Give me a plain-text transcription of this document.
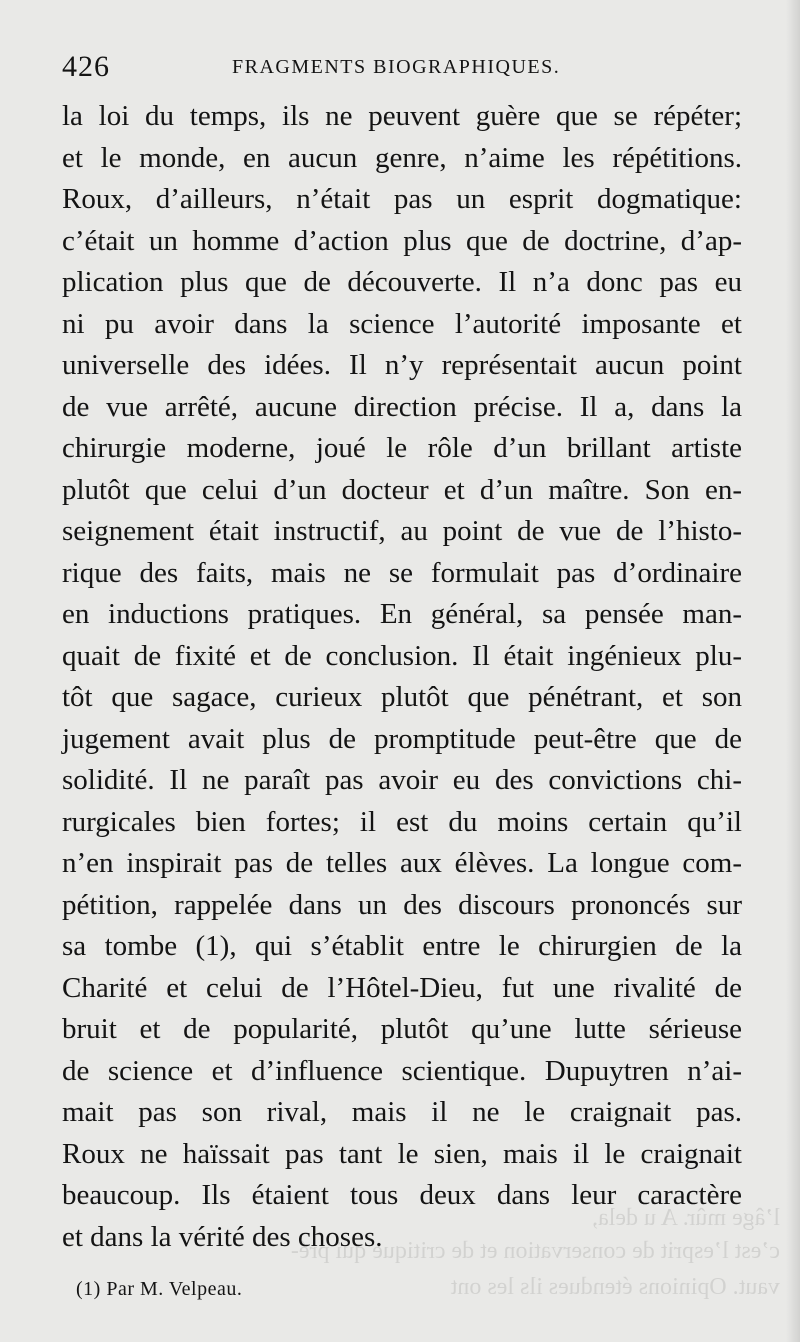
426	FRAGMENTS BIOGRAPHIQUES.
la loi du temps, ils ne peuvent guère que se répéter;
et le monde, en aucun genre, n’aime les répétitions.
Roux, d’ailleurs, n’était pas un esprit dogmatique:
c’était un homme d’action plus que de doctrine, d’ap-
plication plus que de découverte. Il n’a donc pas eu
ni pu avoir dans la science l’autorité imposante et
universelle des idées. Il n’y représentait aucun point
de vue arrêté, aucune direction précise. Il a, dans la
chirurgie moderne, joué le rôle d’un brillant artiste
plutôt que celui d’un docteur et d’un maître. Son en-
seignement était instructif, au point de vue de l’histo-
rique des faits, mais ne se formulait pas d’ordinaire
en inductions pratiques. En général, sa pensée man-
quait de fixité et de conclusion. Il était ingénieux plu-
tôt que sagace, curieux plutôt que pénétrant, et son
jugement avait plus de promptitude peut-être que de
solidité. Il ne paraît pas avoir eu des convictions chi-
rurgicales bien fortes; il est du moins certain qu’il
n’en inspirait pas de telles aux élèves. La longue com-
pétition, rappelée dans un des discours prononcés sur
sa tombe (1), qui s’établit entre le chirurgien de la
Charité et celui de l’Hôtel-Dieu, fut une rivalité de
bruit et de popularité, plutôt qu’une lutte sérieuse
de science et d’influence scientique. Dupuytren n’ai-
mait pas son rival, mais il ne le craignait pas.
Roux ne haïssait pas tant le sien, mais il le craignait
beaucoup. Ils étaient tous deux dans leur caractère
et dans la vérité des choses.
l’âge mûr. A u dela,
c’est l’esprit de conservation et de critique qui pré-
vaut. Opinions étendues ils les ont
(1) Par M. Velpeau.
